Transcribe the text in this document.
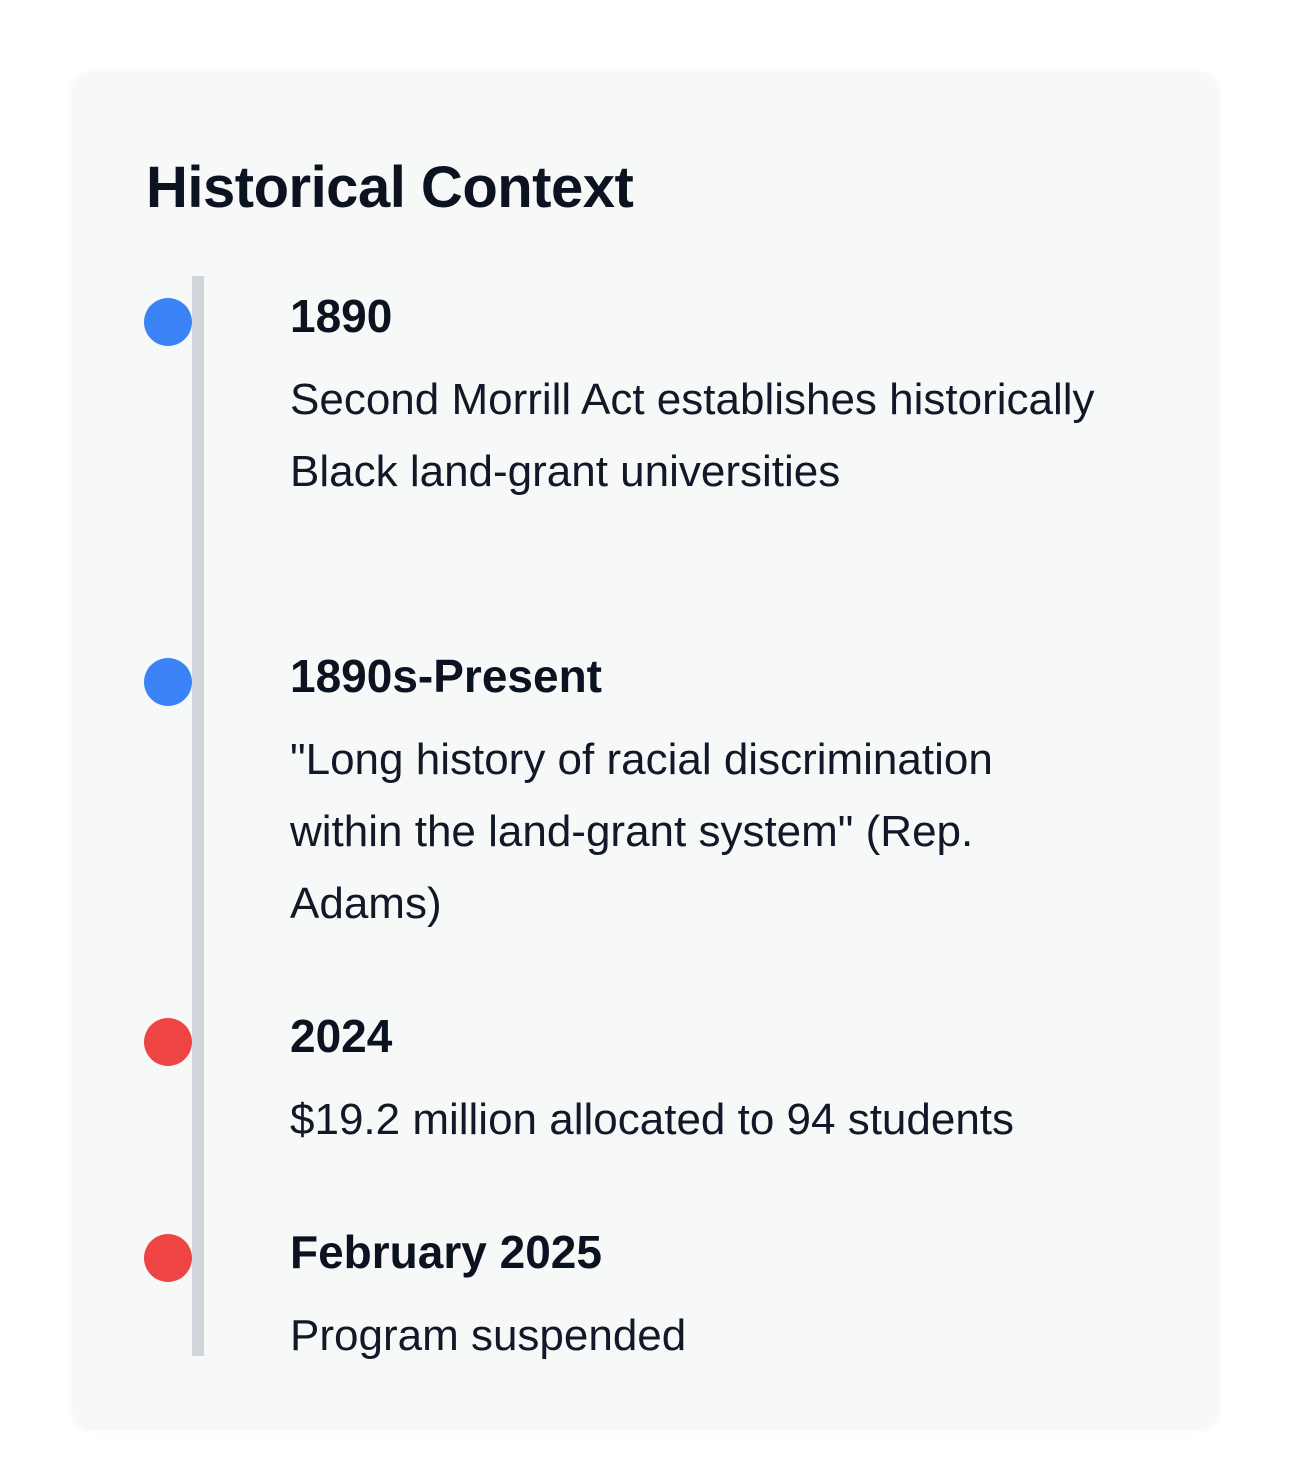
Historical Context
1890
Second Morrill Act establishes historically Black land-grant universities
1890s-Present
"Long history of racial discrimination within the land-grant system" (Rep. Adams)
2024
$19.2 million allocated to 94 students
February 2025
Program suspended
